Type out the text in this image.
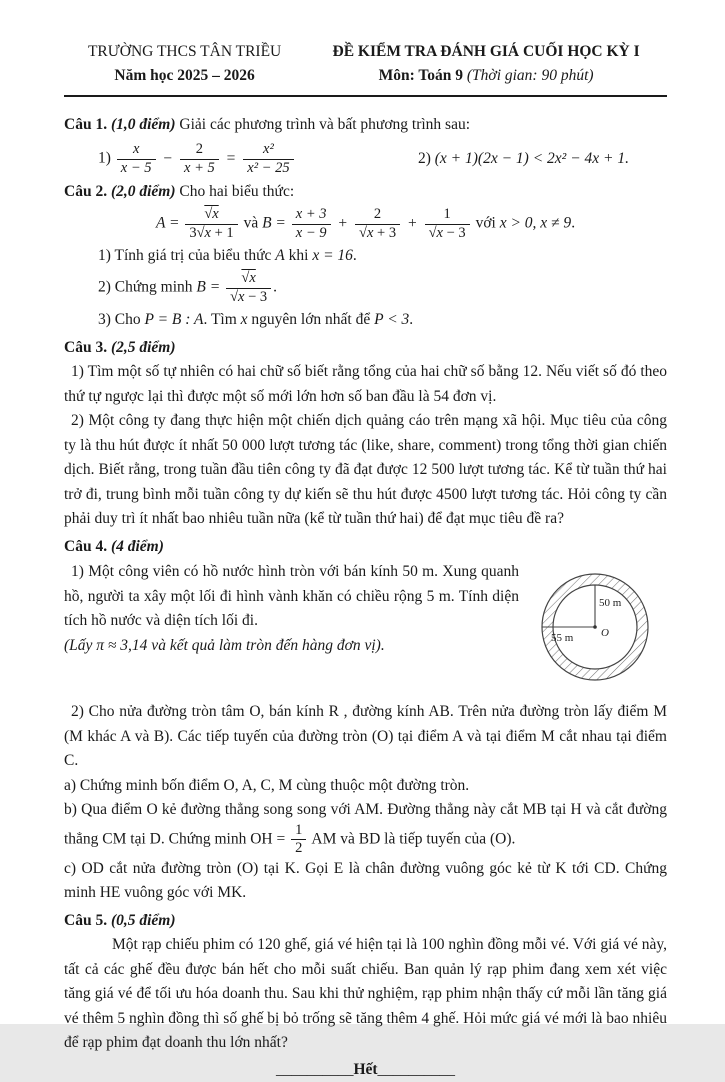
TRƯỜNG THCS TÂN TRIỀU
Năm học 2025 – 2026
ĐỀ KIỂM TRA ĐÁNH GIÁ CUỐI HỌC KỲ I
Môn: Toán 9 (Thời gian: 90 phút)

Câu 1. (1,0 điểm) Giải các phương trình và bất phương trình sau:

$1) \frac{x}{x - 5} - \frac{2}{x + 5} = \frac{\text{x²}}{\text{x² − 25}}$	2) (x + 1)(2x − 1) < 2x² − 4x + 1.

Câu 2. (2,0 điểm) Cho hai biểu thức:

$A = \frac{√x}{3√x + 1}$ và $B = \frac{x + 3}{x - 9} + \frac{2}{√x + 3} + \frac{1}{√x - 3}$ với x > 0, x ≠ 9.

1) Tính giá trị của biểu thức A khi x = 16.

2) Chứng minh $B = \frac{√x}{√x - 3}$ .

3) Cho P = B : A. Tìm x nguyên lớn nhất để P < 3.

Câu 3. (2,5 điểm)

1) Tìm một số tự nhiên có hai chữ số biết rằng tổng của hai chữ số bằng 12. Nếu viết số đó theo thứ tự ngược lại thì được một số mới lớn hơn số ban đầu là 54 đơn vị.

2) Một công ty đang thực hiện một chiến dịch quảng cáo trên mạng xã hội. Mục tiêu của công ty là thu hút được ít nhất 50 000 lượt tương tác (like, share, comment) trong tổng thời gian chiến dịch. Biết rằng, trong tuần đầu tiên công ty đã đạt được 12 500 lượt tương tác. Kể từ tuần thứ hai trở đi, trung bình mỗi tuần công ty dự kiến sẽ thu hút được 4500 lượt tương tác. Hỏi công ty cần phải duy trì ít nhất bao nhiêu tuần nữa (kể từ tuần thứ hai) để đạt mục tiêu đề ra?

Câu 4. (4 điểm)

1) Một công viên có hồ nước hình tròn với bán kính 50 m. Xung quanh hồ, người ta xây một lối đi hình vành khăn có chiều rộng 5 m. Tính diện tích hồ nước và diện tích lối đi.

(Lấy π ≈ 3,14 và kết quả làm tròn đến hàng đơn vị).

50 m
55 m	O

2) Cho nửa đường tròn tâm O, bán kính R , đường kính AB. Trên nửa đường tròn lấy điểm M (M khác A và B). Các tiếp tuyến của đường tròn (O) tại điểm A và tại điểm M cắt nhau tại điểm C.

a) Chứng minh bốn điểm O, A, C, M cùng thuộc một đường tròn.

b) Qua điểm O kẻ đường thẳng song song với AM. Đường thẳng này cắt MB tại H và cắt đường thẳng CM tại D. Chứng minh OH = $\frac{1}{2}$ AM và BD là tiếp tuyến của (O).

c) OD cắt nửa đường tròn (O) tại K. Gọi E là chân đường vuông góc kẻ từ K tới CD. Chứng minh HE vuông góc với MK.

Câu 5. (0,5 điểm)

Một rạp chiếu phim có 120 ghế, giá vé hiện tại là 100 nghìn đồng mỗi vé. Với giá vé này, tất cả các ghế đều được bán hết cho mỗi suất chiếu. Ban quản lý rạp phim đang xem xét việc tăng giá vé để tối ưu hóa doanh thu. Sau khi thử nghiệm, rạp phim nhận thấy cứ mỗi lần tăng giá vé thêm 5 nghìn đồng thì số ghế bị bỏ trống sẽ tăng thêm 4 ghế. Hỏi mức giá vé mới là bao nhiêu để rạp phim đạt doanh thu lớn nhất?

__________Hết__________
